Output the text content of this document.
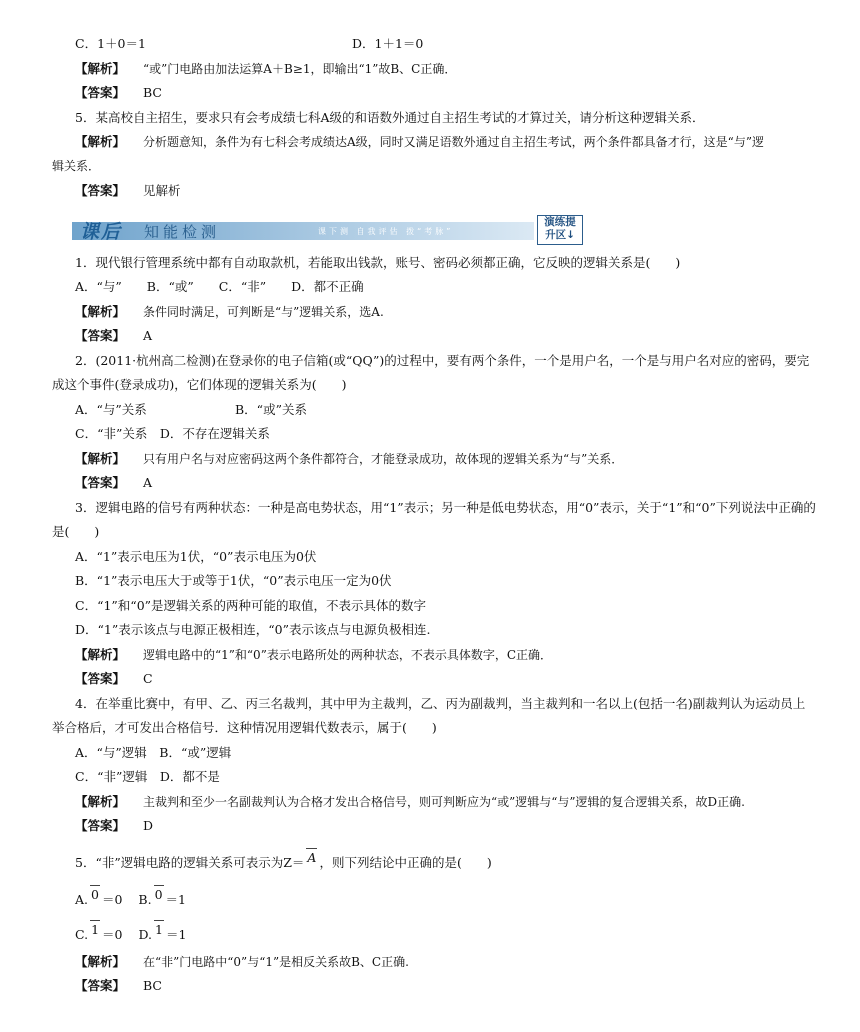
C．1＋0＝1	D．1＋1＝0
【解析】 “或”门电路由加法运算A＋B≥1，即输出“1”故B、C正确．
【答案】 BC
5．某高校自主招生，要求只有会考成绩七科A级的和语数外通过自主招生考试的才算过关，请分析这种逻辑关系．
【解析】 分析题意知，条件为有七科会考成绩达A级，同时又满足语数外通过自主招生考试，两个条件都具备才行，这是“与”逻
辑关系．
【答案】 见解析
课后 知能检测	课下测 自我评估 拨“考脉”
演练提
升区↓
1．现代银行管理系统中都有自动取款机，若能取出钱款，账号、密码必须都正确，它反映的逻辑关系是(　　)
A．“与”　　B．“或”　　C．“非”　　D．都不正确
【解析】 条件同时满足，可判断是“与”逻辑关系，选A.
【答案】 A
2．(2011·杭州高二检测)在登录你的电子信箱(或“QQ”)的过程中，要有两个条件，一个是用户名，一个是与用户名对应的密码，要完
成这个事件(登录成功)，它们体现的逻辑关系为(　　)
A．“与”关系	B．“或”关系
C．“非”关系　D．不存在逻辑关系
【解析】 只有用户名与对应密码这两个条件都符合，才能登录成功，故体现的逻辑关系为“与”关系．
【答案】 A
3．逻辑电路的信号有两种状态：一种是高电势状态，用“1”表示；另一种是低电势状态，用“0”表示，关于“1”和“0”下列说法中正确的
是(　　)
A．“1”表示电压为1伏，“0”表示电压为0伏
B．“1”表示电压大于或等于1伏，“0”表示电压一定为0伏
C．“1”和“0”是逻辑关系的两种可能的取值，不表示具体的数字
D．“1”表示该点与电源正极相连，“0”表示该点与电源负极相连.
【解析】 逻辑电路中的“1”和“0”表示电路所处的两种状态，不表示具体数字，C正确．
【答案】 C
4．在举重比赛中，有甲、乙、丙三名裁判，其中甲为主裁判，乙、丙为副裁判，当主裁判和一名以上(包括一名)副裁判认为运动员上
举合格后，才可发出合格信号．这种情况用逻辑代数表示，属于(　　)
A．“与”逻辑　B．“或”逻辑
C．“非”逻辑　D．都不是
【解析】 主裁判和至少一名副裁判认为合格才发出合格信号，则可判断应为“或”逻辑与“与”逻辑的复合逻辑关系，故D正确.
【答案】 D
5．“非”逻辑电路的逻辑关系可表示为Z＝ A ，则下列结论中正确的是(　　)
A. 0 ＝0 B. 0 ＝1
C. 1 ＝0 D. 1 ＝1
【解析】 在“非”门电路中“0”与“1”是相反关系故B、C正确.
【答案】 BC
